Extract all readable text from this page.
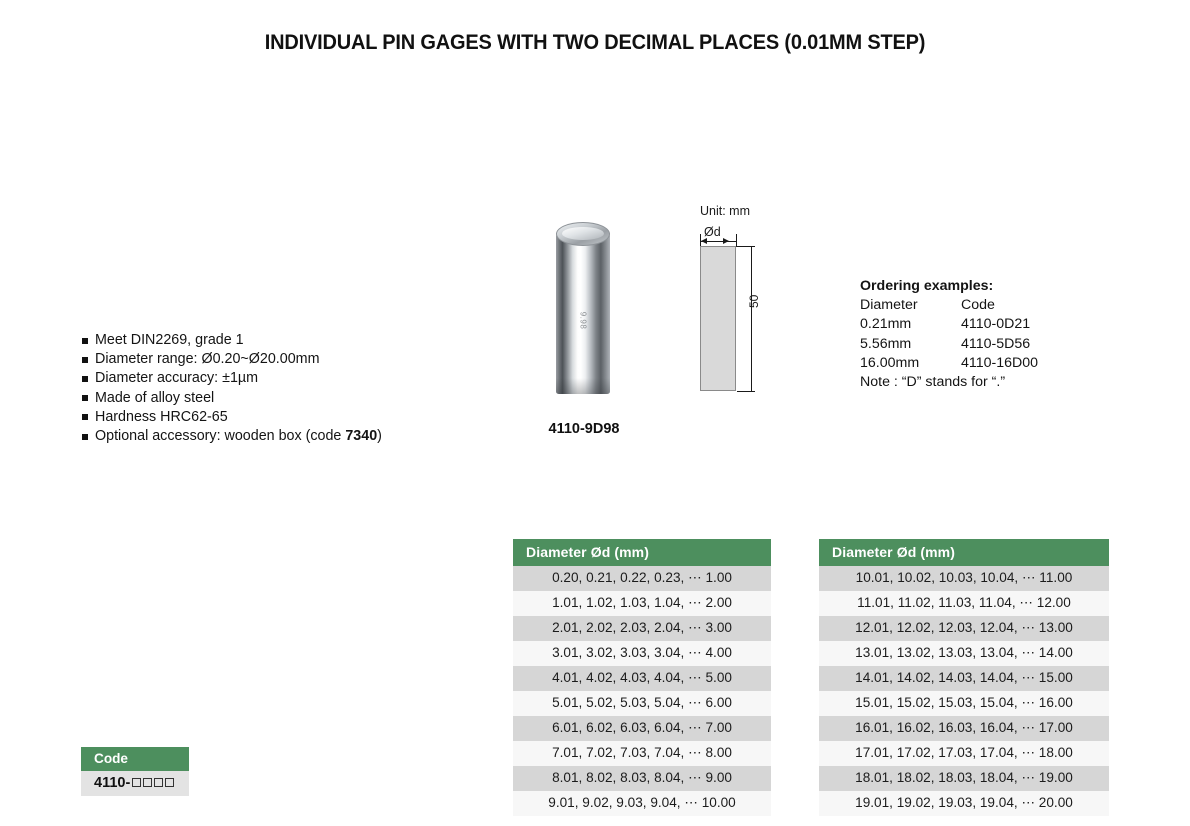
INDIVIDUAL PIN GAGES WITH TWO DECIMAL PLACES (0.01MM STEP)
Meet DIN2269, grade 1
Diameter range: Ø0.20~Ø20.00mm
Diameter accuracy: ±1µm
Made of alloy steel
Hardness HRC62-65
Optional accessory: wooden box (code 7340)
9.98
4110-9D98
Unit: mm
Ød
50
Ordering examples:
Diameter	Code
0.21mm	4110-0D21
5.56mm	4110-5D56
16.00mm	4110-16D00
Note : “D” stands for “.”
Diameter Ød (mm)
0.20, 0.21, 0.22, 0.23, ⋯ 1.00
1.01, 1.02, 1.03, 1.04, ⋯ 2.00
2.01, 2.02, 2.03, 2.04, ⋯ 3.00
3.01, 3.02, 3.03, 3.04, ⋯ 4.00
4.01, 4.02, 4.03, 4.04, ⋯ 5.00
5.01, 5.02, 5.03, 5.04, ⋯ 6.00
6.01, 6.02, 6.03, 6.04, ⋯ 7.00
7.01, 7.02, 7.03, 7.04, ⋯ 8.00
8.01, 8.02, 8.03, 8.04, ⋯ 9.00
9.01, 9.02, 9.03, 9.04, ⋯ 10.00
Diameter Ød (mm)
10.01, 10.02, 10.03, 10.04, ⋯ 11.00
11.01, 11.02, 11.03, 11.04, ⋯ 12.00
12.01, 12.02, 12.03, 12.04, ⋯ 13.00
13.01, 13.02, 13.03, 13.04, ⋯ 14.00
14.01, 14.02, 14.03, 14.04, ⋯ 15.00
15.01, 15.02, 15.03, 15.04, ⋯ 16.00
16.01, 16.02, 16.03, 16.04, ⋯ 17.00
17.01, 17.02, 17.03, 17.04, ⋯ 18.00
18.01, 18.02, 18.03, 18.04, ⋯ 19.00
19.01, 19.02, 19.03, 19.04, ⋯ 20.00
Code
4110-
